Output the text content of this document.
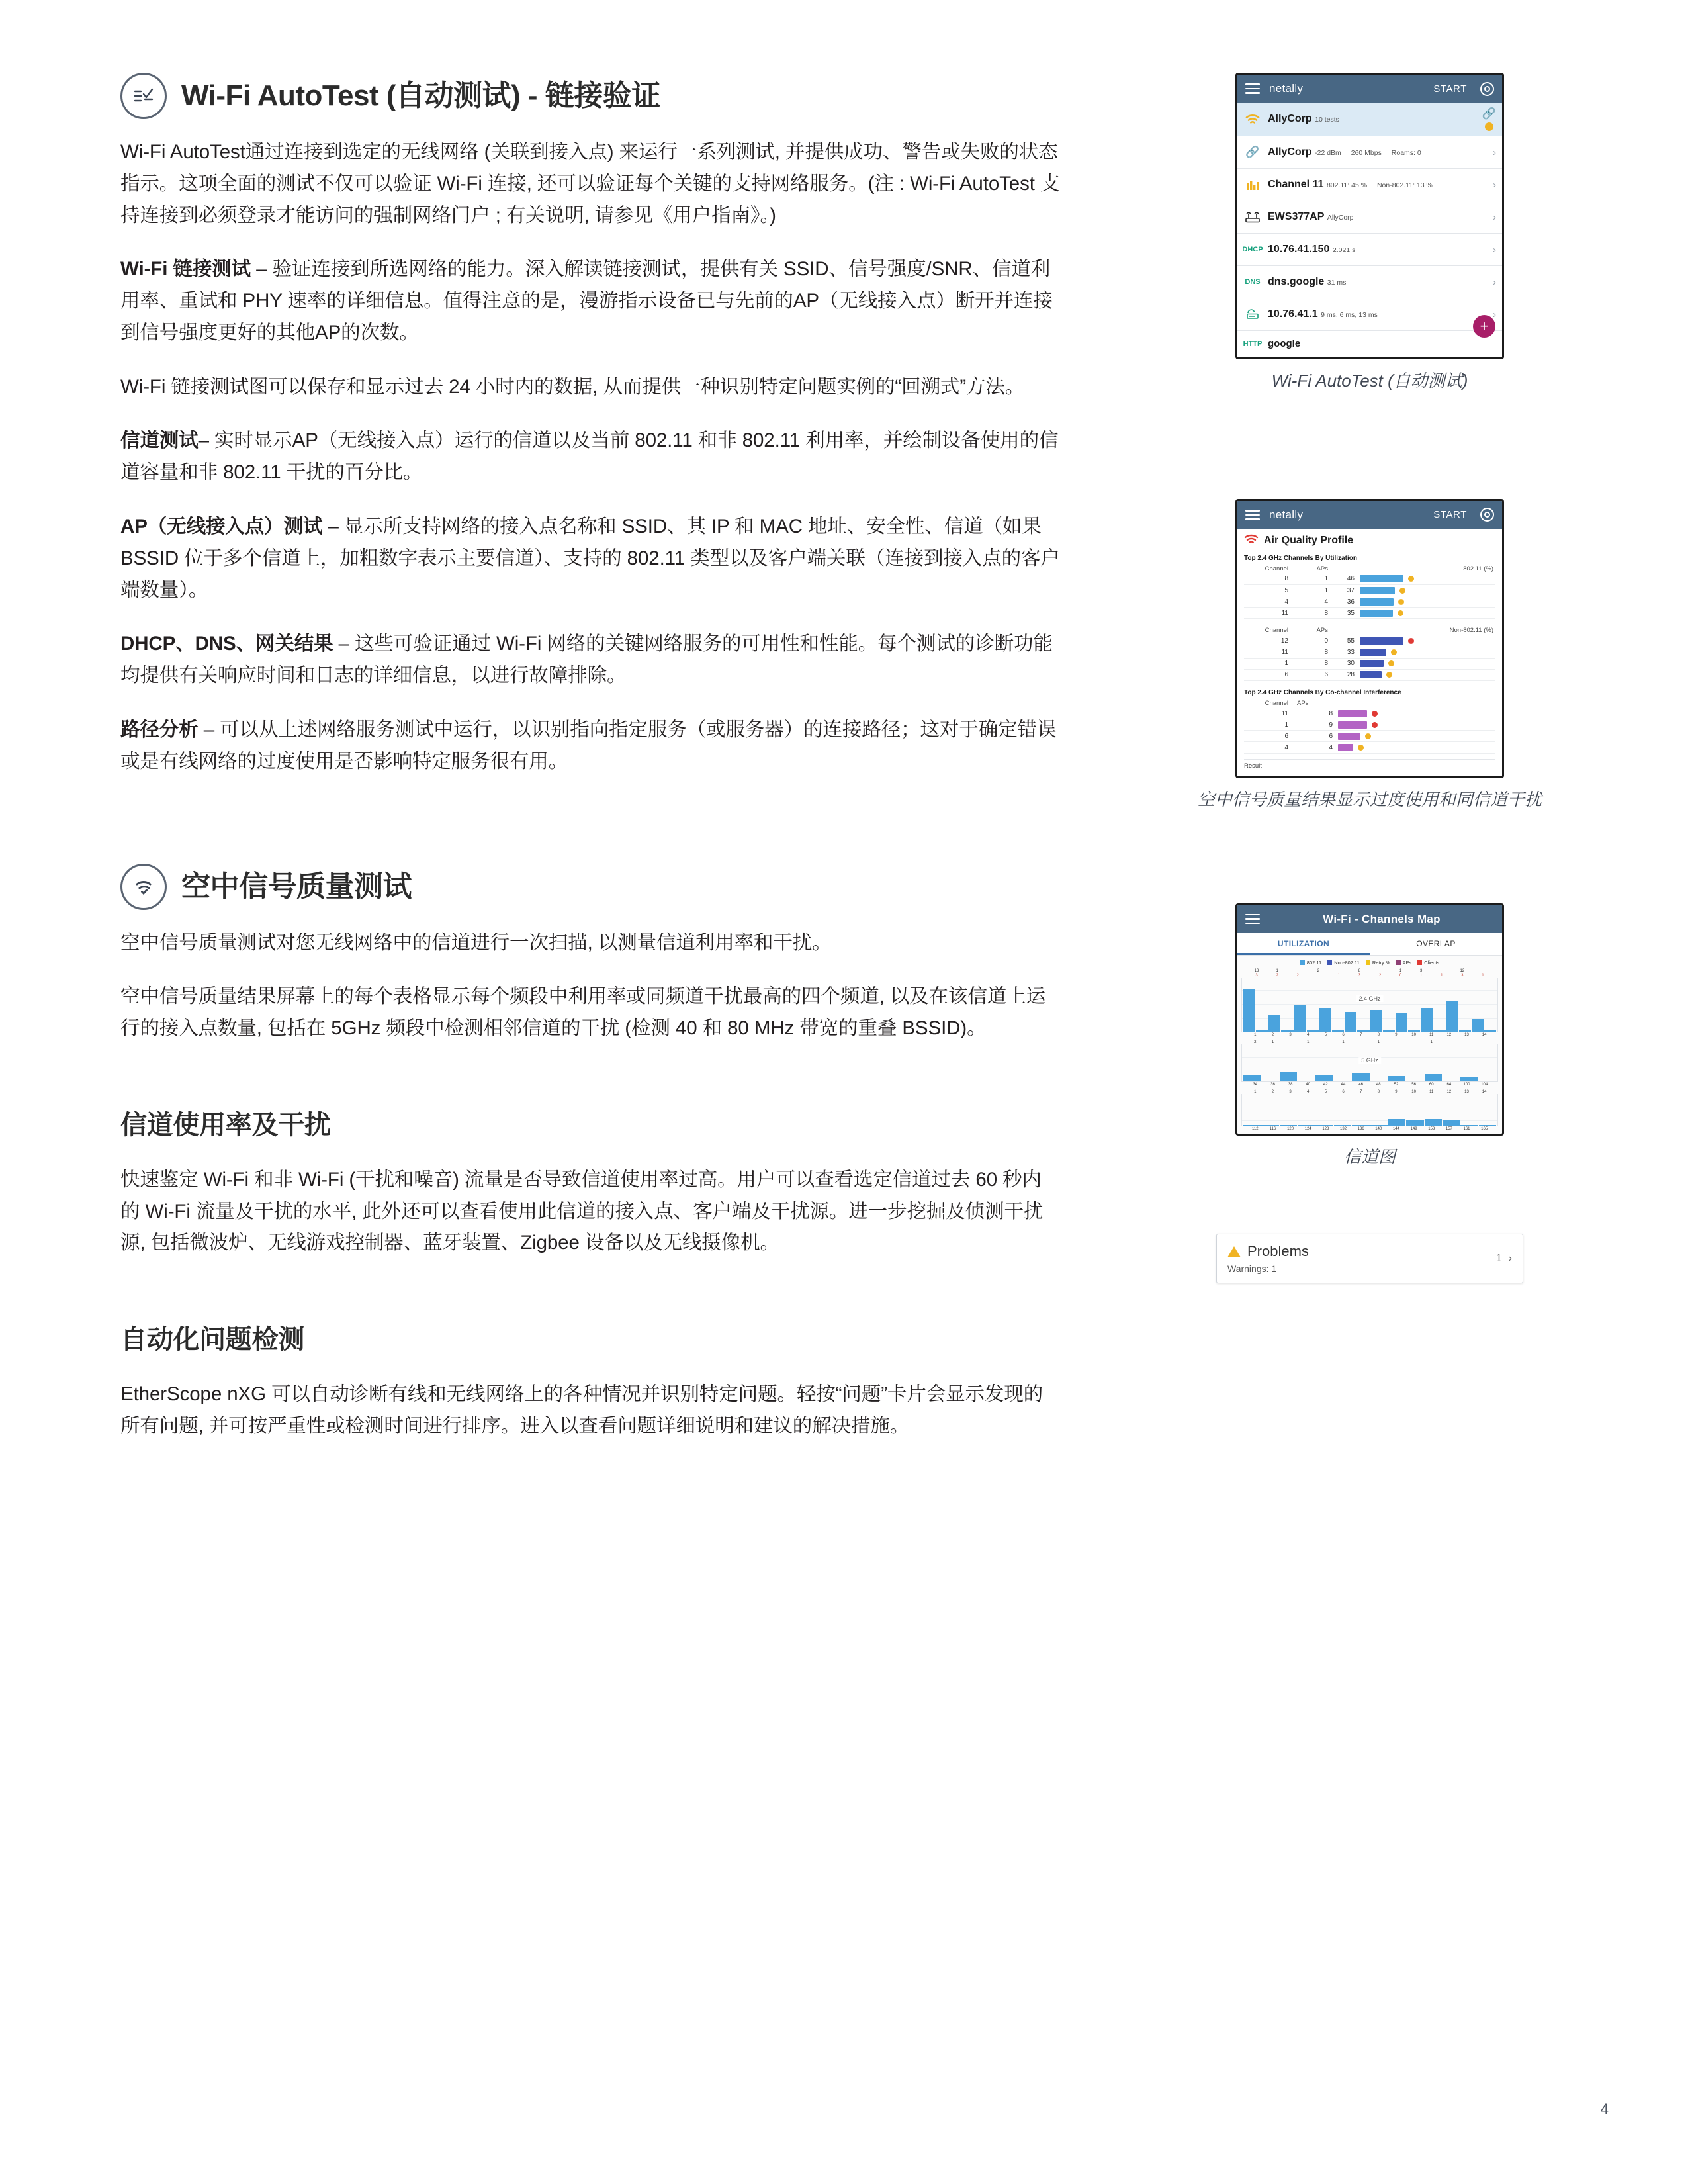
Wi-Fi AutoTest (自动测试) - 链接验证

Wi-Fi AutoTest通过连接到选定的无线网络 (关联到接入点) 来运行一系列测试, 并提供成功、警告或失败的状态指示。这项全面的测试不仅可以验证 Wi-Fi 连接, 还可以验证每个关键的支持网络服务。(注 : Wi-Fi AutoTest 支持连接到必须登录才能访问的强制网络门户 ; 有关说明, 请参见《用户指南》。)

Wi-Fi 链接测试 – 验证连接到所选网络的能力。深入解读链接测试，提供有关 SSID、信号强度/SNR、信道利用率、重试和 PHY 速率的详细信息。值得注意的是，漫游指示设备已与先前的AP（无线接入点）断开并连接到信号强度更好的其他AP的次数。

Wi-Fi 链接测试图可以保存和显示过去 24 小时内的数据, 从而提供一种识别特定问题实例的“回溯式”方法。

信道测试– 实时显示AP（无线接入点）运行的信道以及当前 802.11 和非 802.11 利用率，并绘制设备使用的信道容量和非 802.11 干扰的百分比。

AP（无线接入点）测试 – 显示所支持网络的接入点名称和 SSID、其 IP 和 MAC 地址、安全性、信道（如果 BSSID 位于多个信道上，加粗数字表示主要信道）、支持的 802.11 类型以及客户端关联（连接到接入点的客户端数量）。

DHCP、DNS、网关结果 – 这些可验证通过 Wi-Fi 网络的关键网络服务的可用性和性能。每个测试的诊断功能均提供有关响应时间和日志的详细信息，以进行故障排除。

路径分析 – 可以从上述网络服务测试中运行，以识别指向指定服务（或服务器）的连接路径；这对于确定错误或是有线网络的过度使用是否影响特定服务很有用。

空中信号质量测试

空中信号质量测试对您无线网络中的信道进行一次扫描, 以测量信道利用率和干扰。

空中信号质量结果屏幕上的每个表格显示每个频段中利用率或同频道干扰最高的四个频道, 以及在该信道上运行的接入点数量, 包括在 5GHz 频段中检测相邻信道的干扰 (检测 40 和 80 MHz 带宽的重叠 BSSID)。

信道使用率及干扰

快速鉴定 Wi-Fi 和非 Wi-Fi (干扰和噪音) 流量是否导致信道使用率过高。用户可以查看选定信道过去 60 秒内的 Wi-Fi 流量及干扰的水平, 此外还可以查看使用此信道的接入点、客户端及干扰源。进一步挖掘及侦测干扰源, 包括微波炉、无线游戏控制器、蓝牙装置、Zigbee 设备以及无线摄像机。

自动化问题检测

EtherScope nXG 可以自动诊断有线和无线网络上的各种情况并识别特定问题。轻按“问题”卡片会显示发现的所有问题, 并可按严重性或检测时间进行排序。进入以查看问题详细说明和建议的解决措施。

netally	START
AllyCorp 10 tests	🔗
🔗 AllyCorp -22 dBm 260 Mbps Roams: 0	›
Channel 11 802.11: 45 % Non-802.11: 13 %	›
EWS377AP AllyCorp	›
DHCP 10.76.41.150 2.021 s	›
DNS dns.google 31 ms	›
10.76.41.1 9 ms, 6 ms, 13 ms	›
HTTP google
+
Wi-Fi AutoTest (自动测试)
netally	START
Air Quality Profile
Top 2.4 GHz Channels By Utilization
Channel	APs	802.11 (%)	
8	1	46	
5	1	37	
4	4	36	
11	8	35	
Channel	APs	Non-802.11 (%)	
12	0	55	
11	8	33	
1	8	30	
6	6	28	
Top 2.4 GHz Channels By Co-channel Interference
Channel	APs	
11	8	
1	9	
6	6	
4	4	
Result
空中信号质量结果显示过度使用和同信道干扰
Wi-Fi - Channels Map
UTILIZATION	OVERLAP
802.11	Non-802.11	Retry %	APs	Clients
13	1	2	8	1	3	12
3	2	2	1	3	2	0	1	1	3	1
2.4 GHz
1	2	3	4	5	6	7	8	9	10	11	12	13	14
2	1	1	1	1	1
5 GHz
34	36	38	40	42	44	46	48	52	56	60	64	100	104
1	2	3	4	5	6	7	8	9	10	11	12	13	14
112	116	120	124	128	132	136	140	144	149	153	157	161	165
信道图
Problems
Warnings: 1
1 ›
4
